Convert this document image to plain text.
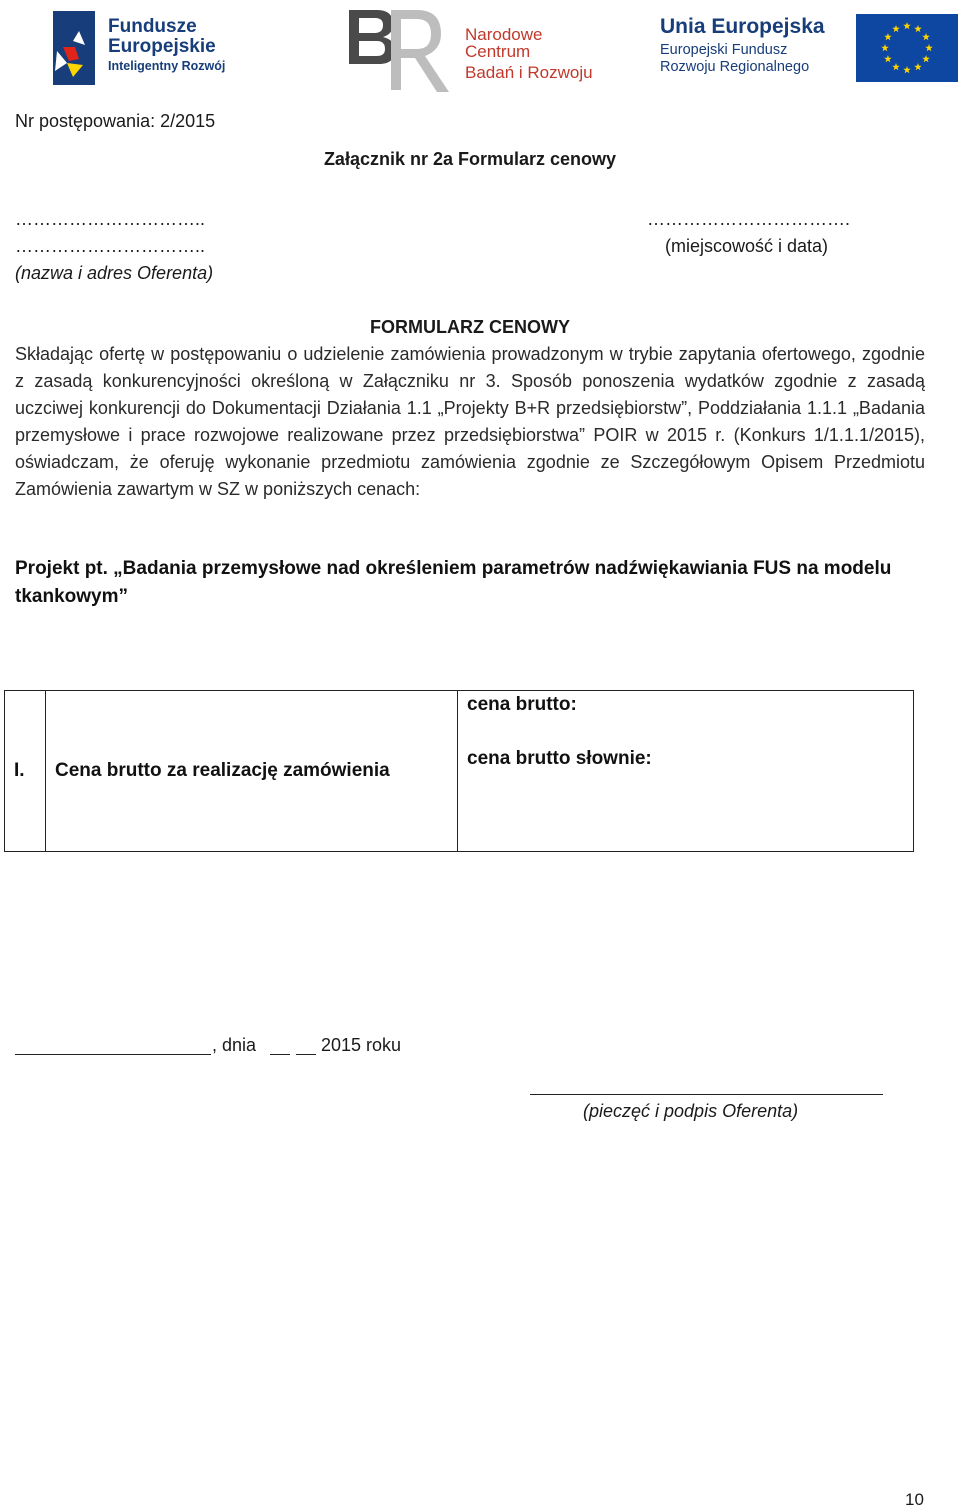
Fundusze
Europejskie
Inteligentny Rozwój
Narodowe Centrum
Badań i Rozwoju
Unia Europejska
Europejski Fundusz
Rozwoju Regionalnego
Nr postępowania: 2/2015
Załącznik nr 2a Formularz cenowy
…………………………..
…………………………..
(nazwa i adres Oferenta)
…………………………….
(miejscowość i data)
FORMULARZ CENOWY
Składając ofertę w postępowaniu o udzielenie zamówienia prowadzonym w trybie zapytania ofertowego, zgodnie z zasadą konkurencyjności określoną w Załączniku nr 3. Sposób ponoszenia wydatków zgodnie z zasadą uczciwej konkurencji do Dokumentacji Działania 1.1 „Projekty B+R przedsiębiorstw”, Poddziałania 1.1.1 „Badania przemysłowe i prace rozwojowe realizowane przez przedsiębiorstwa” POIR w 2015 r. (Konkurs 1/1.1.1/2015), oświadczam, że oferuję wykonanie przedmiotu zamówienia zgodnie ze Szczegółowym Opisem Przedmiotu Zamówienia zawartym w SZ w poniższych cenach:
Projekt pt. „Badania przemysłowe nad określeniem parametrów nadźwiękawiania FUS na modelu tkankowym”
I. Cena brutto za realizację zamówienia
cena brutto:
cena brutto słownie:
, dnia	2015 roku
(pieczęć i podpis Oferenta)
10
